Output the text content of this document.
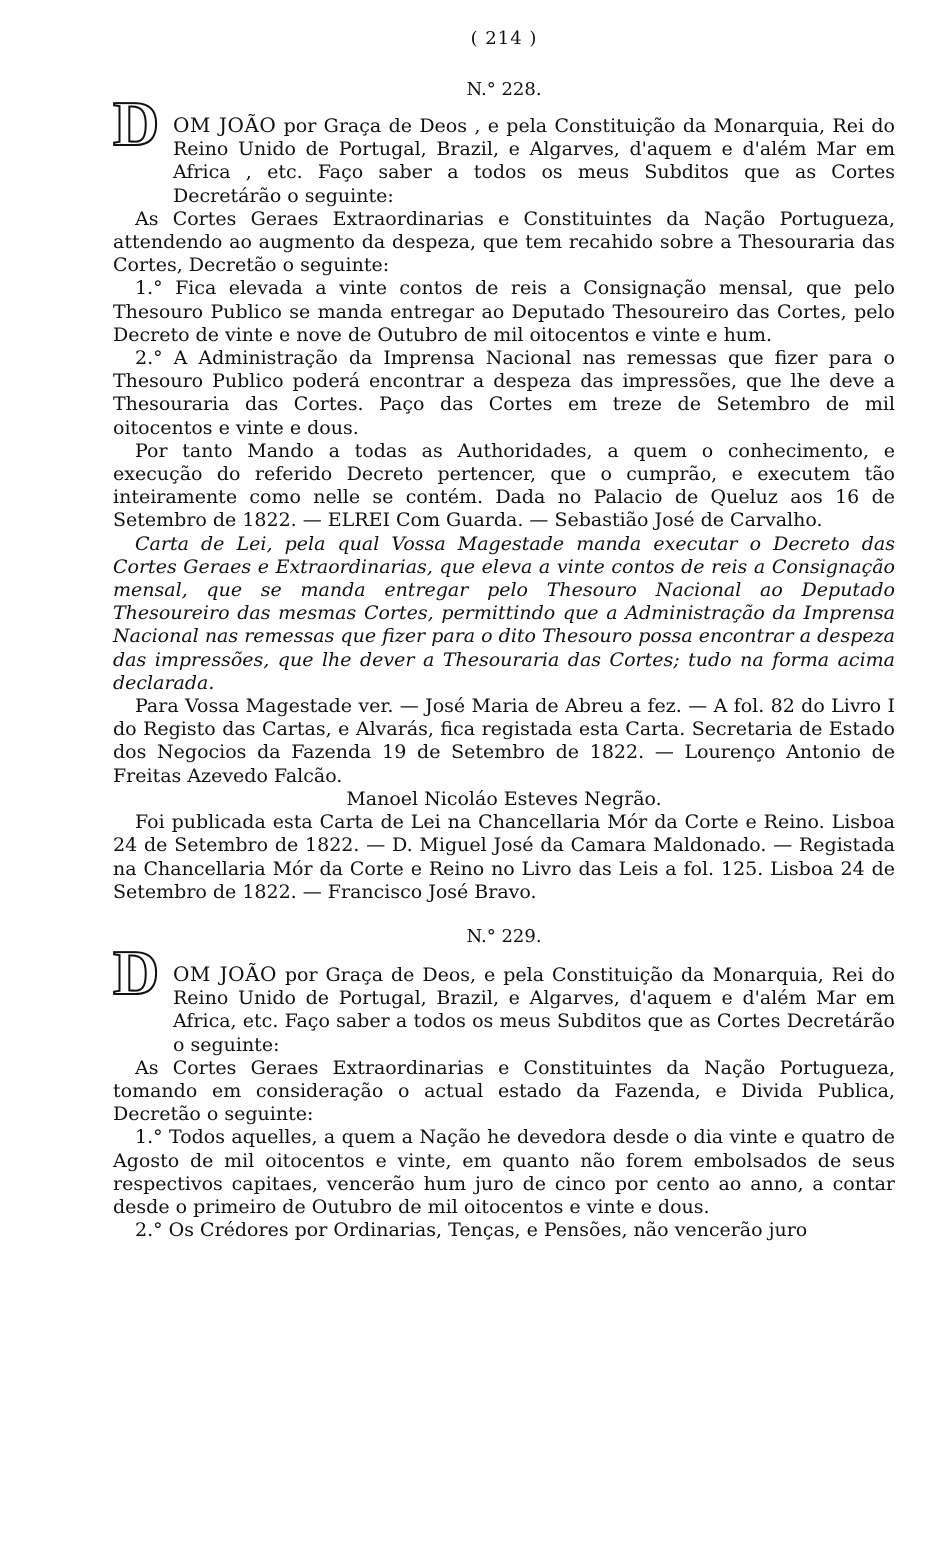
( 214 )
N.° 228.

D OM JOÃO por Graça de Deos , e pela Constituição da Monarquia, Rei do Reino Unido de Portugal, Brazil, e Algarves, d'aquem e d'além Mar em Africa , etc. Faço saber a todos os meus Subditos que as Cortes Decretárão o seguinte:

As Cortes Geraes Extraordinarias e Constituintes da Nação Portugueza, attendendo ao augmento da despeza, que tem recahido sobre a Thesouraria das Cortes, Decretão o seguinte:

1.° Fica elevada a vinte contos de reis a Consignação mensal, que pelo Thesouro Publico se manda entregar ao Deputado Thesoureiro das Cortes, pelo Decreto de vinte e nove de Outubro de mil oitocentos e vinte e hum.

2.° A Administração da Imprensa Nacional nas remessas que fizer para o Thesouro Publico poderá encontrar a despeza das impressões, que lhe deve a Thesouraria das Cortes. Paço das Cortes em treze de Setembro de mil oitocentos e vinte e dous.

Por tanto Mando a todas as Authoridades, a quem o conhecimento, e execução do referido Decreto pertencer, que o cumprão, e executem tão inteiramente como nelle se contém. Dada no Palacio de Queluz aos 16 de Setembro de 1822. — ELREI Com Guarda. — Sebastião José de Carvalho.

Carta de Lei, pela qual Vossa Magestade manda executar o Decreto das Cortes Geraes e Extraordinarias, que eleva a vinte contos de reis a Consignação mensal, que se manda entregar pelo Thesouro Nacional ao Deputado Thesoureiro das mesmas Cortes, permittindo que a Administração da Imprensa Nacional nas remessas que fizer para o dito Thesouro possa encontrar a despeza das impressões, que lhe dever a Thesouraria das Cortes; tudo na forma acima declarada.

Para Vossa Magestade ver. — José Maria de Abreu a fez. — A fol. 82 do Livro I do Registo das Cartas, e Alvarás, fica registada esta Carta. Secretaria de Estado dos Negocios da Fazenda 19 de Setembro de 1822. — Lourenço Antonio de Freitas Azevedo Falcão.

Manoel Nicoláo Esteves Negrão.

Foi publicada esta Carta de Lei na Chancellaria Mór da Corte e Reino. Lisboa 24 de Setembro de 1822. — D. Miguel José da Camara Maldonado. — Registada na Chancellaria Mór da Corte e Reino no Livro das Leis a fol. 125. Lisboa 24 de Setembro de 1822. — Francisco José Bravo.

N.° 229.

D OM JOÃO por Graça de Deos, e pela Constituição da Monarquia, Rei do Reino Unido de Portugal, Brazil, e Algarves, d'aquem e d'além Mar em Africa, etc. Faço saber a todos os meus Subditos que as Cortes Decretárão o seguinte:

As Cortes Geraes Extraordinarias e Constituintes da Nação Portugueza, tomando em consideração o actual estado da Fazenda, e Divida Publica, Decretão o seguinte:

1.° Todos aquelles, a quem a Nação he devedora desde o dia vinte e quatro de Agosto de mil oitocentos e vinte, em quanto não forem embolsados de seus respectivos capitaes, vencerão hum juro de cinco por cento ao anno, a contar desde o primeiro de Outubro de mil oitocentos e vinte e dous.

2.° Os Crédores por Ordinarias, Tenças, e Pensões, não vencerão juro
